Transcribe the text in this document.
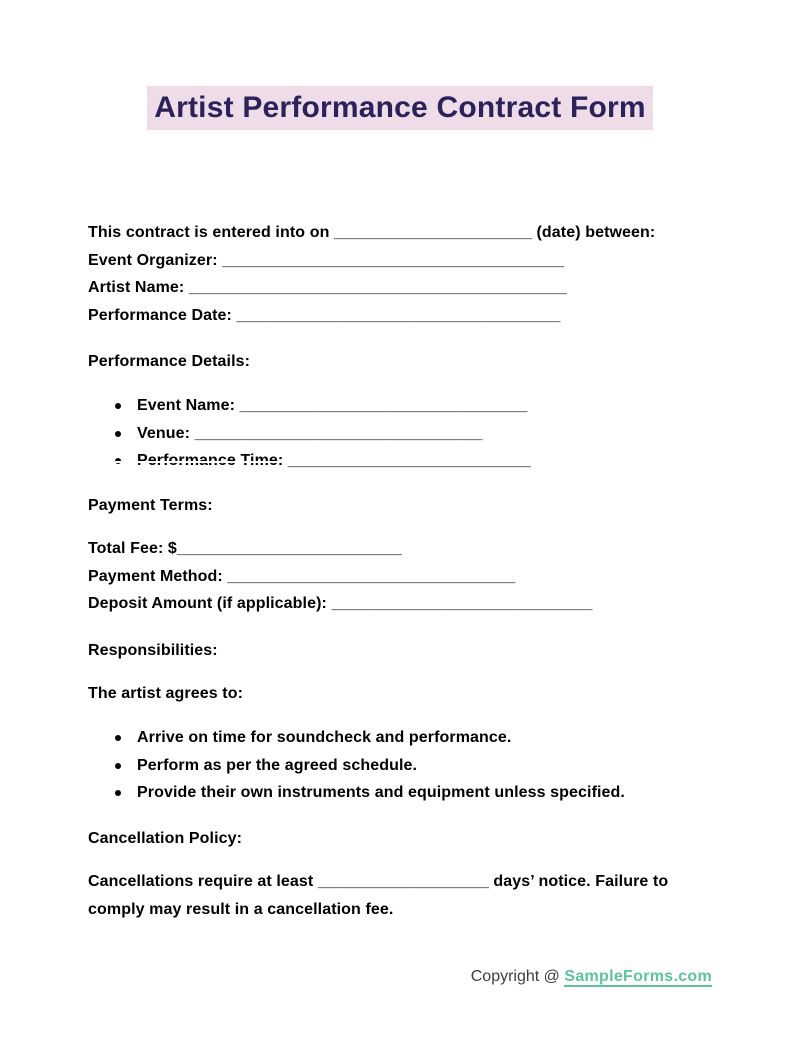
Artist Performance Contract Form
This contract is entered into on ______________________ (date) between:
Event Organizer: ______________________________________
Artist Name: __________________________________________
Performance Date: ____________________________________
Performance Details:
Event Name: ________________________________
Venue: ________________________________
Payment Terms:
Total Fee: $_________________________
Payment Method: ________________________________
Deposit Amount (if applicable): _____________________________
Responsibilities:
The artist agrees to:
Arrive on time for soundcheck and performance.
Perform as per the agreed schedule.
Provide their own instruments and equipment unless specified.
Cancellation Policy:
Cancellations require at least ___________________ days’ notice. Failure to
comply may result in a cancellation fee.
Copyright @ SampleForms.com
